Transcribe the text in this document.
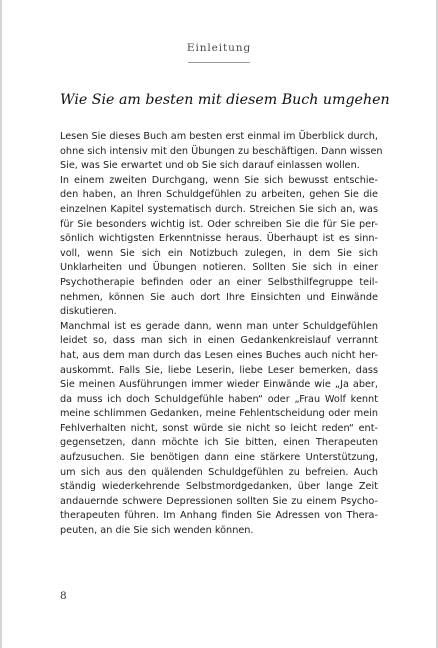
Einleitung
Wie Sie am besten mit diesem Buch umgehen
Lesen Sie dieses Buch am besten erst einmal im Überblick durch,
ohne sich intensiv mit den Übungen zu beschäftigen. Dann wissen
Sie, was Sie erwartet und ob Sie sich darauf einlassen wollen.
In einem zweiten Durchgang, wenn Sie sich bewusst entschie-
den haben, an Ihren Schuldgefühlen zu arbeiten, gehen Sie die
einzelnen Kapitel systematisch durch. Streichen Sie sich an, was
für Sie besonders wichtig ist. Oder schreiben Sie die für Sie per-
sönlich wichtigsten Erkenntnisse heraus. Überhaupt ist es sinn-
voll, wenn Sie sich ein Notizbuch zulegen, in dem Sie sich
Unklarheiten und Übungen notieren. Sollten Sie sich in einer
Psychotherapie befinden oder an einer Selbsthilfegruppe teil-
nehmen, können Sie auch dort Ihre Einsichten und Einwände
diskutieren.
Manchmal ist es gerade dann, wenn man unter Schuldgefühlen
leidet so, dass man sich in einen Gedankenkreislauf verrannt
hat, aus dem man durch das Lesen eines Buches auch nicht her-
auskommt. Falls Sie, liebe Leserin, liebe Leser bemerken, dass
Sie meinen Ausführungen immer wieder Einwände wie „Ja aber,
da muss ich doch Schuldgefühle haben“ oder „Frau Wolf kennt
meine schlimmen Gedanken, meine Fehlentscheidung oder mein
Fehlverhalten nicht, sonst würde sie nicht so leicht reden“ ent-
gegensetzen, dann möchte ich Sie bitten, einen Therapeuten
aufzusuchen. Sie benötigen dann eine stärkere Unterstützung,
um sich aus den quälenden Schuldgefühlen zu befreien. Auch
ständig wiederkehrende Selbstmordgedanken, über lange Zeit
andauernde schwere Depressionen sollten Sie zu einem Psycho-
therapeuten führen. Im Anhang finden Sie Adressen von Thera-
peuten, an die Sie sich wenden können.
8
